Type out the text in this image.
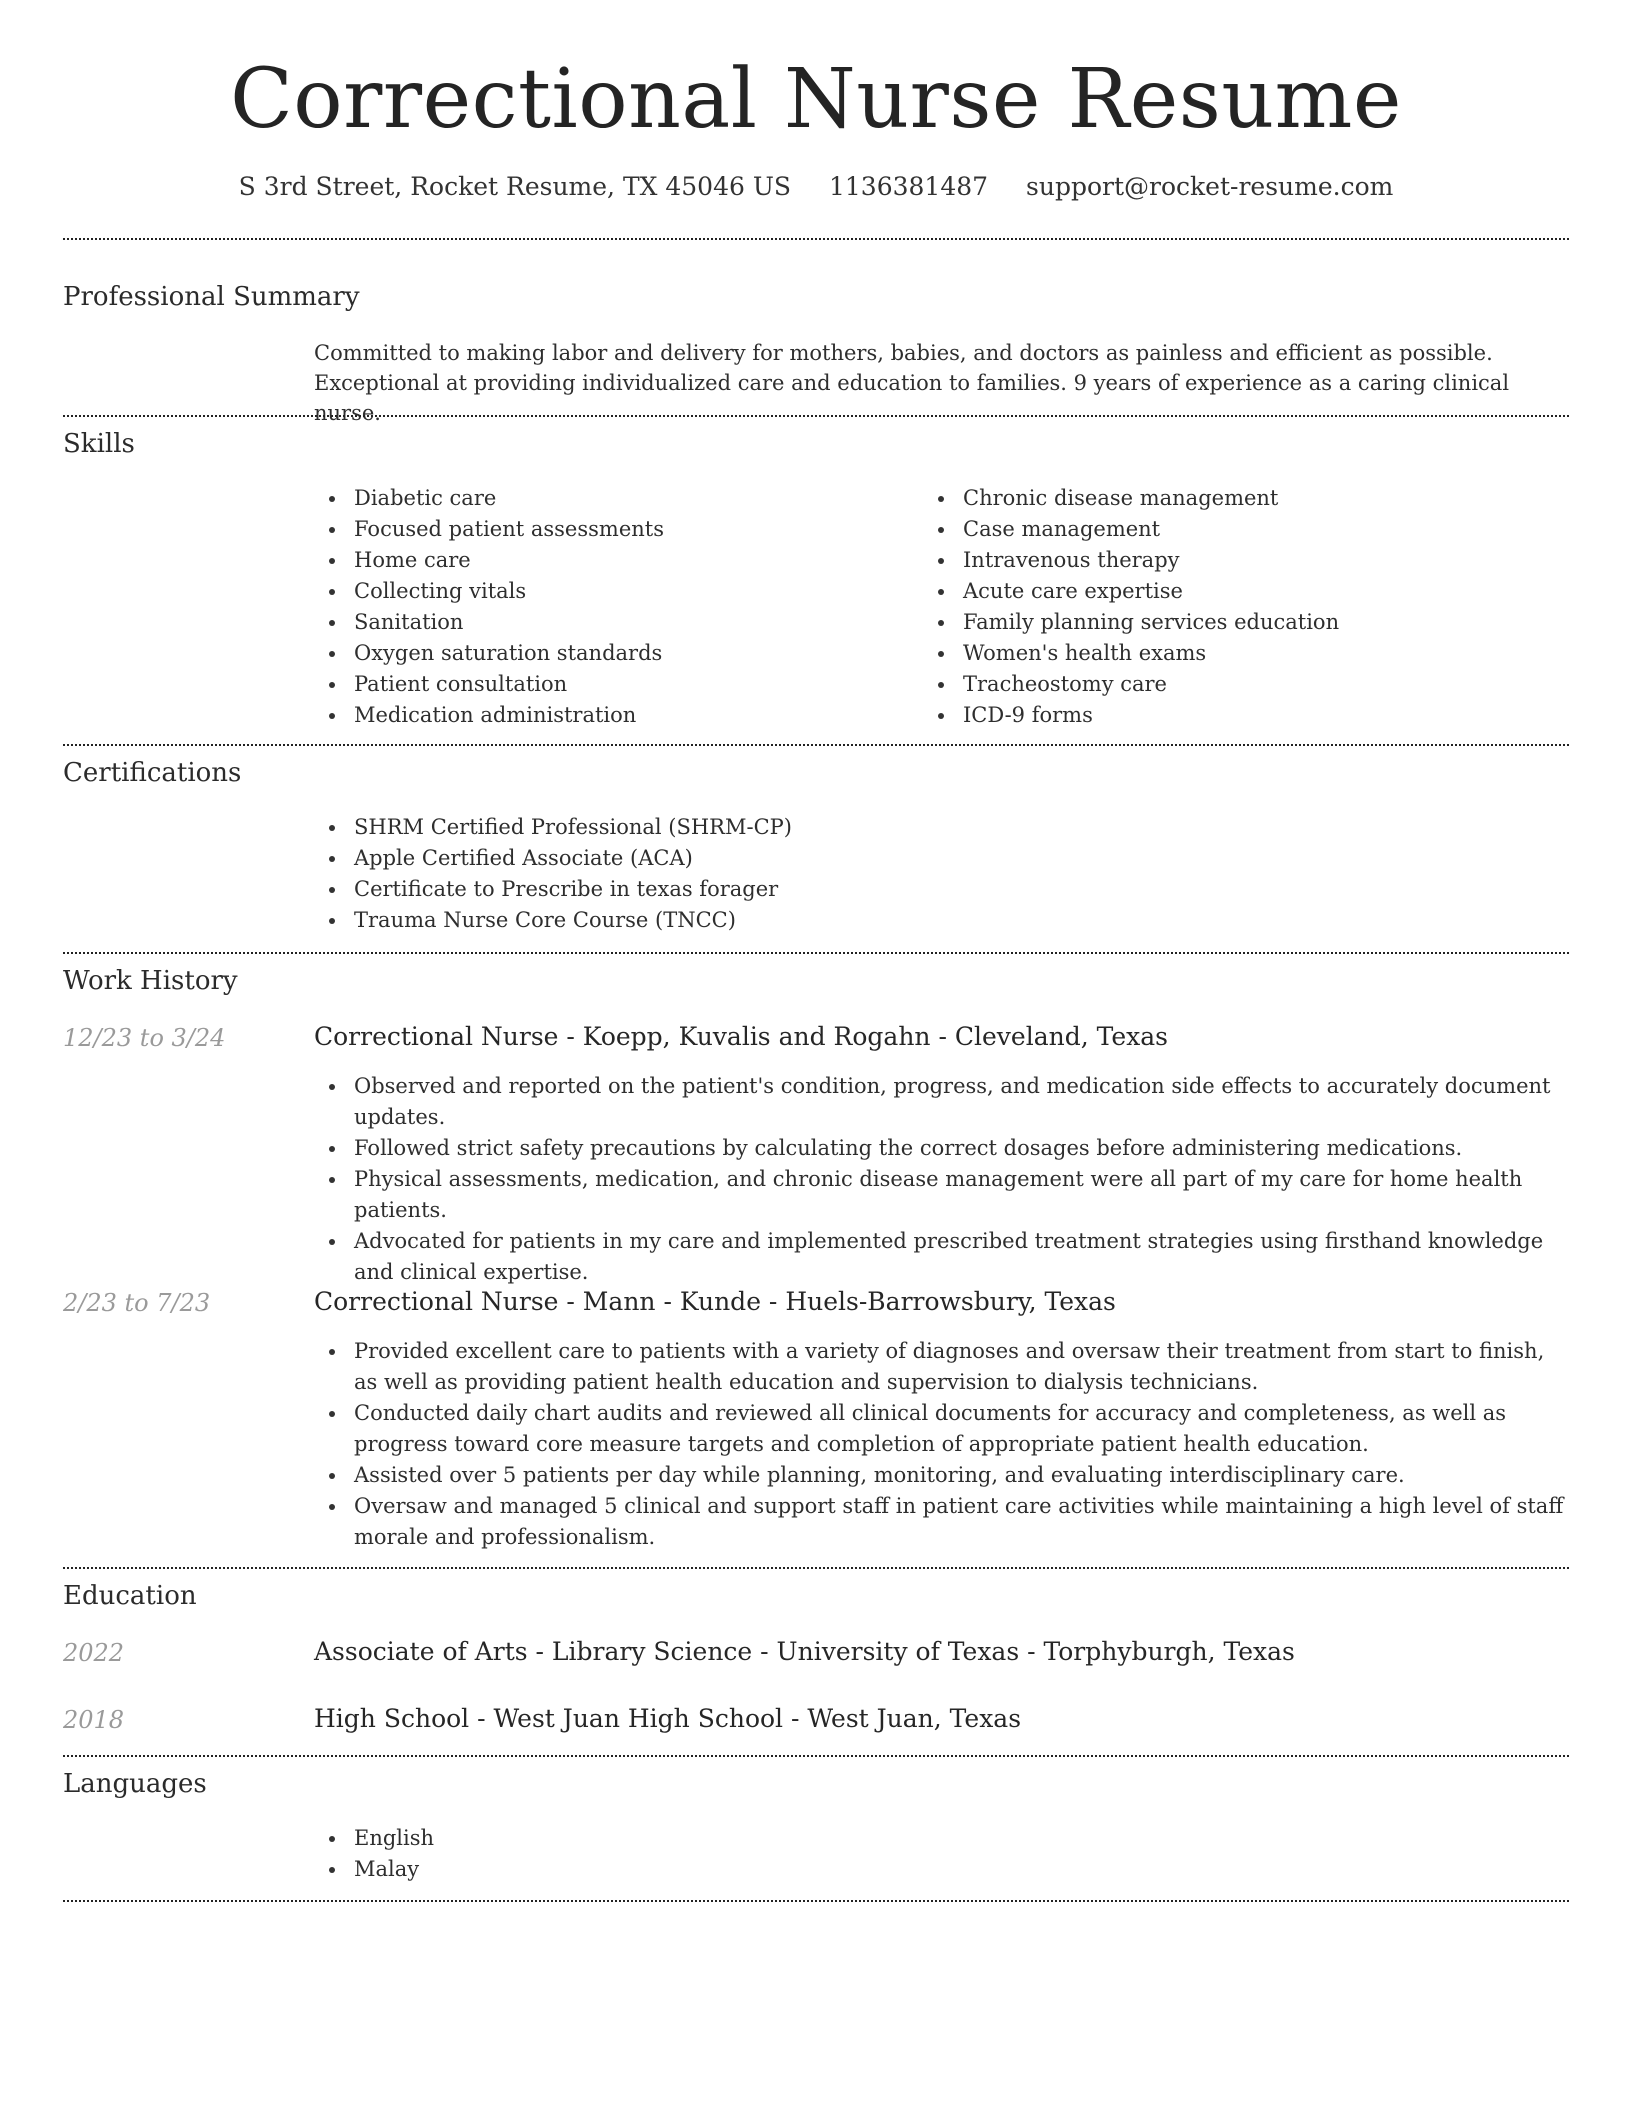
Correctional Nurse Resume
S 3rd Street, Rocket Resume, TX 45046 US 1136381487 support@rocket-resume.com
Professional Summary
Committed to making labor and delivery for mothers, babies, and doctors as painless and efficient as possible. Exceptional at providing individualized care and education to families. 9 years of experience as a caring clinical nurse.
Skills
Diabetic care
Focused patient assessments
Home care
Collecting vitals
Sanitation
Oxygen saturation standards
Patient consultation
Medication administration
Chronic disease management
Case management
Intravenous therapy
Acute care expertise
Family planning services education
Women's health exams
Tracheostomy care
ICD-9 forms
Certifications
SHRM Certified Professional (SHRM-CP)
Apple Certified Associate (ACA)
Certificate to Prescribe in texas forager
Trauma Nurse Core Course (TNCC)
Work History
12/23 to 3/24	Correctional Nurse - Koepp, Kuvalis and Rogahn - Cleveland, Texas
Observed and reported on the patient's condition, progress, and medication side effects to accurately document updates.
Followed strict safety precautions by calculating the correct dosages before administering medications.
Physical assessments, medication, and chronic disease management were all part of my care for home health patients.
Advocated for patients in my care and implemented prescribed treatment strategies using firsthand knowledge and clinical expertise.
2/23 to 7/23	Correctional Nurse - Mann - Kunde - Huels-Barrowsbury, Texas
Provided excellent care to patients with a variety of diagnoses and oversaw their treatment from start to finish, as well as providing patient health education and supervision to dialysis technicians.
Conducted daily chart audits and reviewed all clinical documents for accuracy and completeness, as well as progress toward core measure targets and completion of appropriate patient health education.
Assisted over 5 patients per day while planning, monitoring, and evaluating interdisciplinary care.
Oversaw and managed 5 clinical and support staff in patient care activities while maintaining a high level of staff morale and professionalism.
Education
2022	Associate of Arts - Library Science - University of Texas - Torphyburgh, Texas
2018	High School - West Juan High School - West Juan, Texas
Languages
English
Malay
